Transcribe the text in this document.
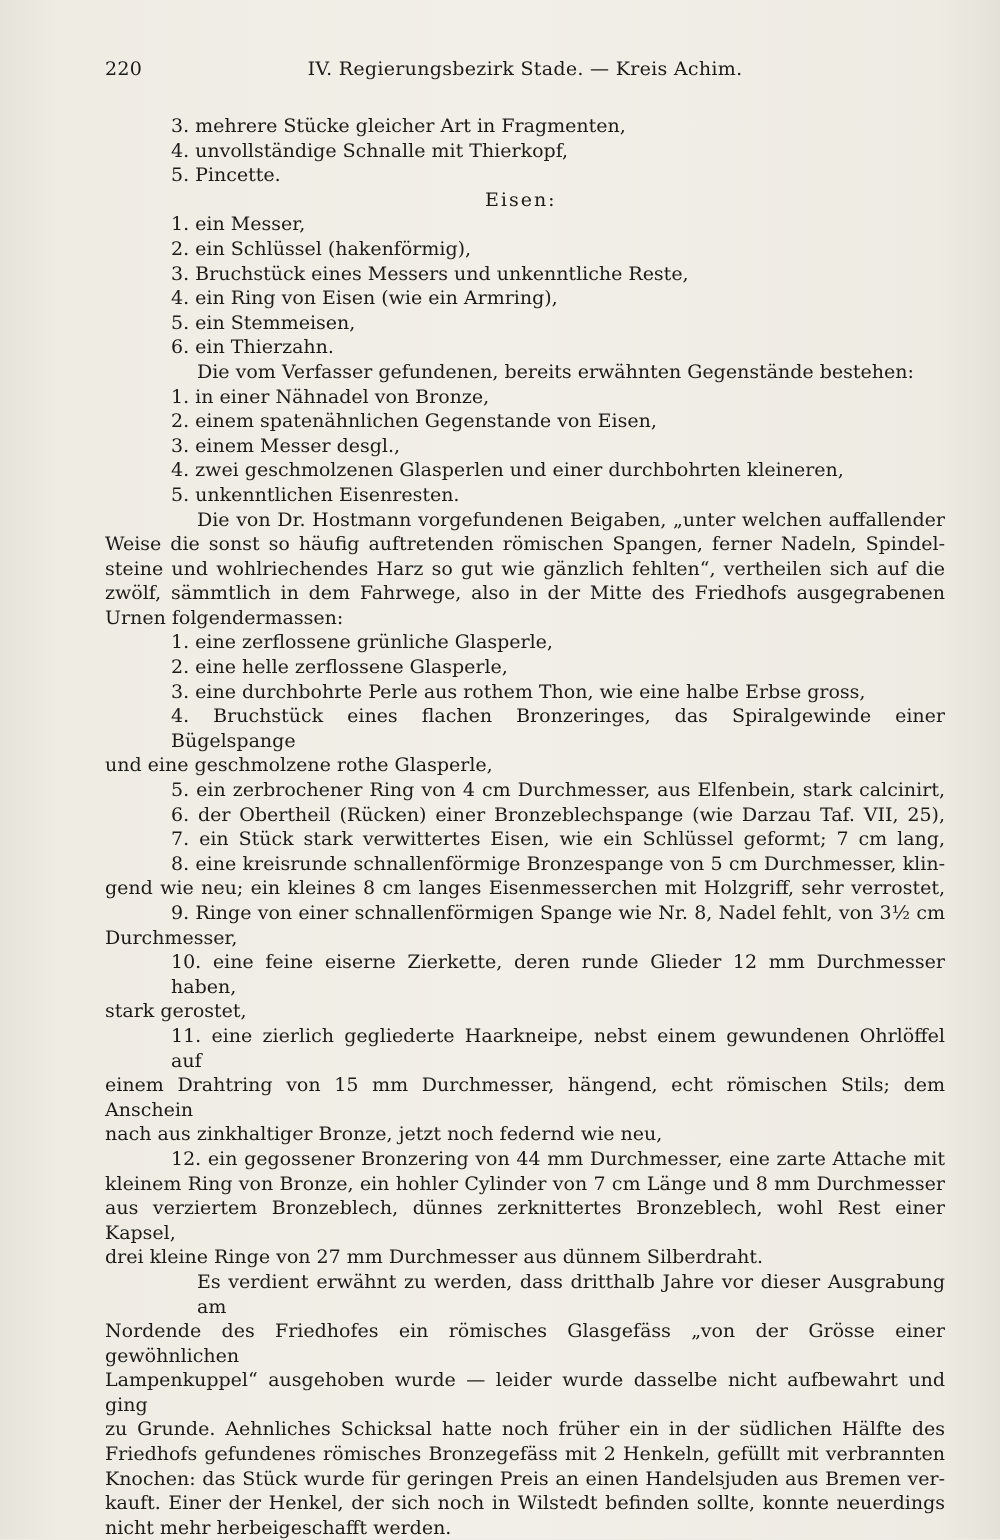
220	IV. Regierungsbezirk Stade. — Kreis Achim.
3. mehrere Stücke gleicher Art in Fragmenten,
4. unvollständige Schnalle mit Thierkopf,
5. Pincette.
Eisen:
1. ein Messer,
2. ein Schlüssel (hakenförmig),
3. Bruchstück eines Messers und unkenntliche Reste,
4. ein Ring von Eisen (wie ein Armring),
5. ein Stemmeisen,
6. ein Thierzahn.
Die vom Verfasser gefundenen, bereits erwähnten Gegenstände bestehen:
1. in einer Nähnadel von Bronze,
2. einem spatenähnlichen Gegenstande von Eisen,
3. einem Messer desgl.,
4. zwei geschmolzenen Glasperlen und einer durchbohrten kleineren,
5. unkenntlichen Eisenresten.
Die von Dr. Hostmann vorgefundenen Beigaben, „unter welchen auffallender
Weise die sonst so häufig auftretenden römischen Spangen, ferner Nadeln, Spindel-
steine und wohlriechendes Harz so gut wie gänzlich fehlten“, vertheilen sich auf die
zwölf, sämmtlich in dem Fahrwege, also in der Mitte des Friedhofs ausgegrabenen
Urnen folgendermassen:
1. eine zerflossene grünliche Glasperle,
2. eine helle zerflossene Glasperle,
3. eine durchbohrte Perle aus rothem Thon, wie eine halbe Erbse gross,
4. Bruchstück eines flachen Bronzeringes, das Spiralgewinde einer Bügelspange
und eine geschmolzene rothe Glasperle,
5. ein zerbrochener Ring von 4 cm Durchmesser, aus Elfenbein, stark calcinirt,
6. der Obertheil (Rücken) einer Bronzeblechspange (wie Darzau Taf. VII, 25),
7. ein Stück stark verwittertes Eisen, wie ein Schlüssel geformt; 7 cm lang,
8. eine kreisrunde schnallenförmige Bronzespange von 5 cm Durchmesser, klin-
gend wie neu; ein kleines 8 cm langes Eisenmesserchen mit Holzgriff, sehr verrostet,
9. Ringe von einer schnallenförmigen Spange wie Nr. 8, Nadel fehlt, von 3½ cm
Durchmesser,
10. eine feine eiserne Zierkette, deren runde Glieder 12 mm Durchmesser haben,
stark gerostet,
11. eine zierlich gegliederte Haarkneipe, nebst einem gewundenen Ohrlöffel auf
einem Drahtring von 15 mm Durchmesser, hängend, echt römischen Stils; dem Anschein
nach aus zinkhaltiger Bronze, jetzt noch federnd wie neu,
12. ein gegossener Bronzering von 44 mm Durchmesser, eine zarte Attache mit
kleinem Ring von Bronze, ein hohler Cylinder von 7 cm Länge und 8 mm Durchmesser
aus verziertem Bronzeblech, dünnes zerknittertes Bronzeblech, wohl Rest einer Kapsel,
drei kleine Ringe von 27 mm Durchmesser aus dünnem Silberdraht.
Es verdient erwähnt zu werden, dass dritthalb Jahre vor dieser Ausgrabung am
Nordende des Friedhofes ein römisches Glasgefäss „von der Grösse einer gewöhnlichen
Lampenkuppel“ ausgehoben wurde — leider wurde dasselbe nicht aufbewahrt und ging
zu Grunde. Aehnliches Schicksal hatte noch früher ein in der südlichen Hälfte des
Friedhofs gefundenes römisches Bronzegefäss mit 2 Henkeln, gefüllt mit verbrannten
Knochen: das Stück wurde für geringen Preis an einen Handelsjuden aus Bremen ver-
kauft. Einer der Henkel, der sich noch in Wilstedt befinden sollte, konnte neuerdings
nicht mehr herbeigeschafft werden.
